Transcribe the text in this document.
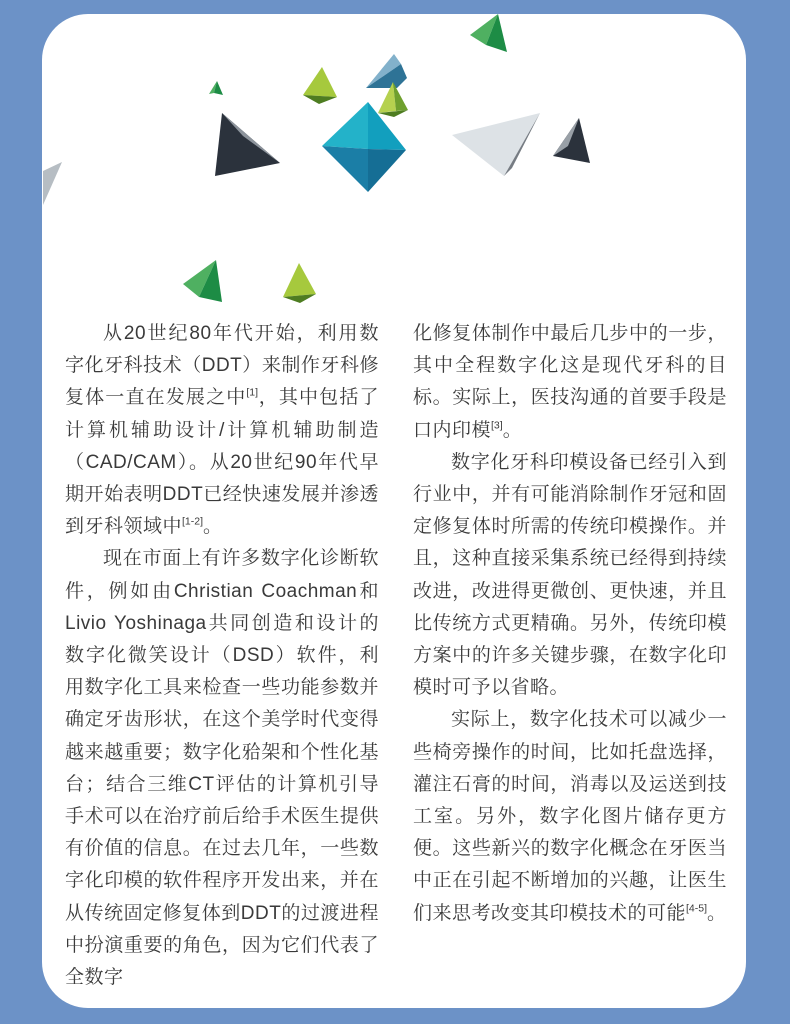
从20世纪80年代开始，利用数字化牙科技术（DDT）来制作牙科修复体一直在发展之中[1]，其中包括了计算机辅助设计/计算机辅助制造（CAD/CAM）。从20世纪90年代早期开始表明DDT已经快速发展并渗透到牙科领域中[1-2]。

现在市面上有许多数字化诊断软件，例如由Christian Coachman和Livio Yoshinaga共同创造和设计的数字化微笑设计（DSD）软件，利用数字化工具来检查一些功能参数并确定牙齿形状，在这个美学时代变得越来越重要；数字化𬌗架和个性化基台；结合三维CT评估的计算机引导手术可以在治疗前后给手术医生提供有价值的信息。在过去几年，一些数字化印模的软件程序开发出来，并在从传统固定修复体到DDT的过渡进程中扮演重要的角色，因为它们代表了全数字

化修复体制作中最后几步中的一步，其中全程数字化这是现代牙科的目标。实际上，医技沟通的首要手段是口内印模[3]。

数字化牙科印模设备已经引入到行业中，并有可能消除制作牙冠和固定修复体时所需的传统印模操作。并且，这种直接采集系统已经得到持续改进，改进得更微创、更快速，并且比传统方式更精确。另外，传统印模方案中的许多关键步骤，在数字化印模时可予以省略。

实际上，数字化技术可以减少一些椅旁操作的时间，比如托盘选择，灌注石膏的时间，消毒以及运送到技工室。另外，数字化图片储存更方便。这些新兴的数字化概念在牙医当中正在引起不断增加的兴趣，让医生们来思考改变其印模技术的可能[4-5]。
